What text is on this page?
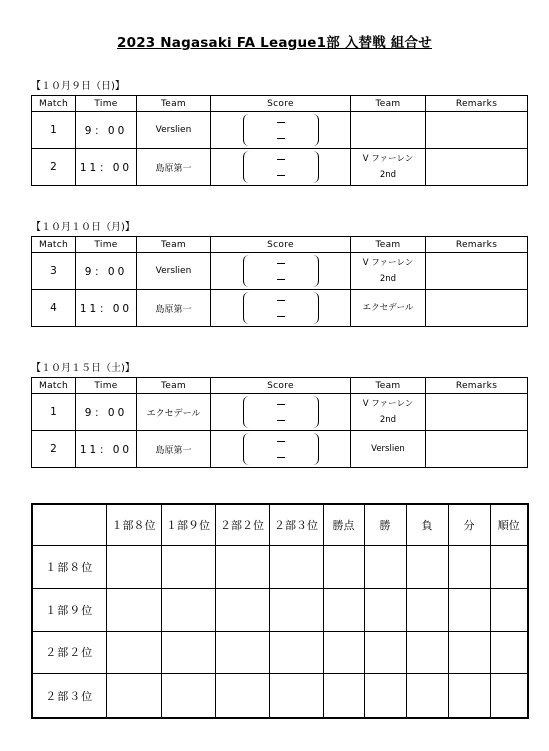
2023 Nagasaki FA League1部 入替戦 組合せ
【１０月９日（日)】
Match	Time	Team	Score	Team	Remarks
1	9：00	Verslien	

2	11：00	島原第一		V ファーレン
2nd	

【１０月１０日（月)】
Match	Time	Team	Score	Team	Remarks
3	9：00	Verslien		V ファーレン
2nd	

4	11：00	島原第一		エクセデール	

【１０月１５日（土)】
Match	Time	Team	Score	Team	Remarks
1	9：00	エクセデール		V ファーレン
2nd	

2	11：00	島原第一		Verslien	

	１部８位	１部９位	２部２位	２部３位	勝点	勝	負	分	順位
１部８位									
１部９位									
２部２位									
２部３位									
